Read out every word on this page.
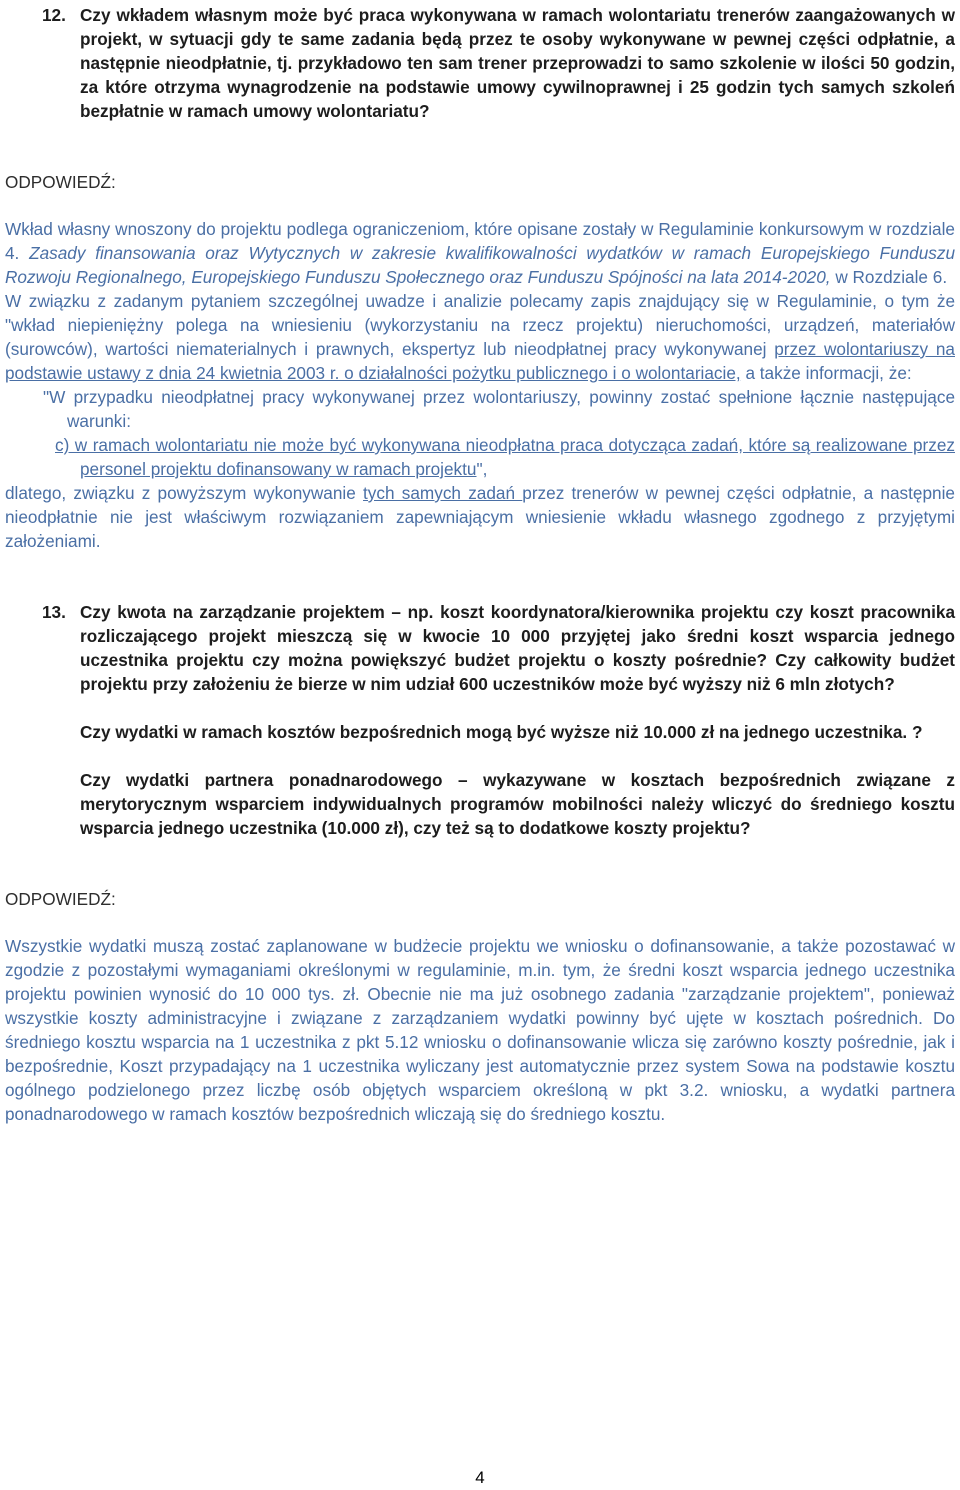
12. Czy wkładem własnym może być praca wykonywana w ramach wolontariatu trenerów zaangażowanych w projekt, w sytuacji gdy te same zadania będą przez te osoby wykonywane w pewnej części odpłatnie, a następnie nieodpłatnie, tj. przykładowo ten sam trener przeprowadzi to samo szkolenie w ilości 50 godzin, za które otrzyma wynagrodzenie na podstawie umowy cywilnoprawnej i 25 godzin tych samych szkoleń bezpłatnie w ramach umowy wolontariatu?

ODPOWIEDŹ:

Wkład własny wnoszony do projektu podlega ograniczeniom, które opisane zostały w Regulaminie konkursowym w rozdziale 4. Zasady finansowania oraz Wytycznych w zakresie kwalifikowalności wydatków w ramach Europejskiego Funduszu Rozwoju Regionalnego, Europejskiego Funduszu Społecznego oraz Funduszu Spójności na lata 2014-2020, w Rozdziale 6.

W związku z zadanym pytaniem szczególnej uwadze i analizie polecamy zapis znajdujący się w Regulaminie, o tym że "wkład niepieniężny polega na wniesieniu (wykorzystaniu na rzecz projektu) nieruchomości, urządzeń, materiałów (surowców), wartości niematerialnych i prawnych, ekspertyz lub nieodpłatnej pracy wykonywanej przez wolontariuszy na podstawie ustawy z dnia 24 kwietnia 2003 r. o działalności pożytku publicznego i o wolontariacie, a także informacji, że:

"W przypadku nieodpłatnej pracy wykonywanej przez wolontariuszy, powinny zostać spełnione łącznie następujące warunki:

c) w ramach wolontariatu nie może być wykonywana nieodpłatna praca dotycząca zadań, które są realizowane przez personel projektu dofinansowany w ramach projektu",

dlatego, związku z powyższym wykonywanie tych samych zadań przez trenerów w pewnej części odpłatnie, a następnie nieodpłatnie nie jest właściwym rozwiązaniem zapewniającym wniesienie wkładu własnego zgodnego z przyjętymi założeniami.

13. Czy kwota na zarządzanie projektem – np. koszt koordynatora/kierownika projektu czy koszt pracownika rozliczającego projekt mieszczą się w kwocie 10 000 przyjętej jako średni koszt wsparcia jednego uczestnika projektu czy można powiększyć budżet projektu o koszty pośrednie? Czy całkowity budżet projektu przy założeniu że bierze w nim udział 600 uczestników może być wyższy niż 6 mln złotych?

Czy wydatki w ramach kosztów bezpośrednich mogą być wyższe niż 10.000 zł na jednego uczestnika. ?

Czy wydatki partnera ponadnarodowego – wykazywane w kosztach bezpośrednich związane z merytorycznym wsparciem indywidualnych programów mobilności należy wliczyć do średniego kosztu wsparcia jednego uczestnika (10.000 zł), czy też są to dodatkowe koszty projektu?

ODPOWIEDŹ:

Wszystkie wydatki muszą zostać zaplanowane w budżecie projektu we wniosku o dofinansowanie, a także pozostawać w zgodzie z pozostałymi wymaganiami określonymi w regulaminie, m.in. tym, że średni koszt wsparcia jednego uczestnika projektu powinien wynosić do 10 000 tys. zł. Obecnie nie ma już osobnego zadania "zarządzanie projektem", ponieważ wszystkie koszty administracyjne i związane z zarządzaniem wydatki powinny być ujęte w kosztach pośrednich. Do średniego kosztu wsparcia na 1 uczestnika z pkt 5.12 wniosku o dofinansowanie wlicza się zarówno koszty pośrednie, jak i bezpośrednie, Koszt przypadający na 1 uczestnika wyliczany jest automatycznie przez system Sowa na podstawie kosztu ogólnego podzielonego przez liczbę osób objętych wsparciem określoną w pkt 3.2. wniosku, a wydatki partnera ponadnarodowego w ramach kosztów bezpośrednich wliczają się do średniego kosztu.

4
